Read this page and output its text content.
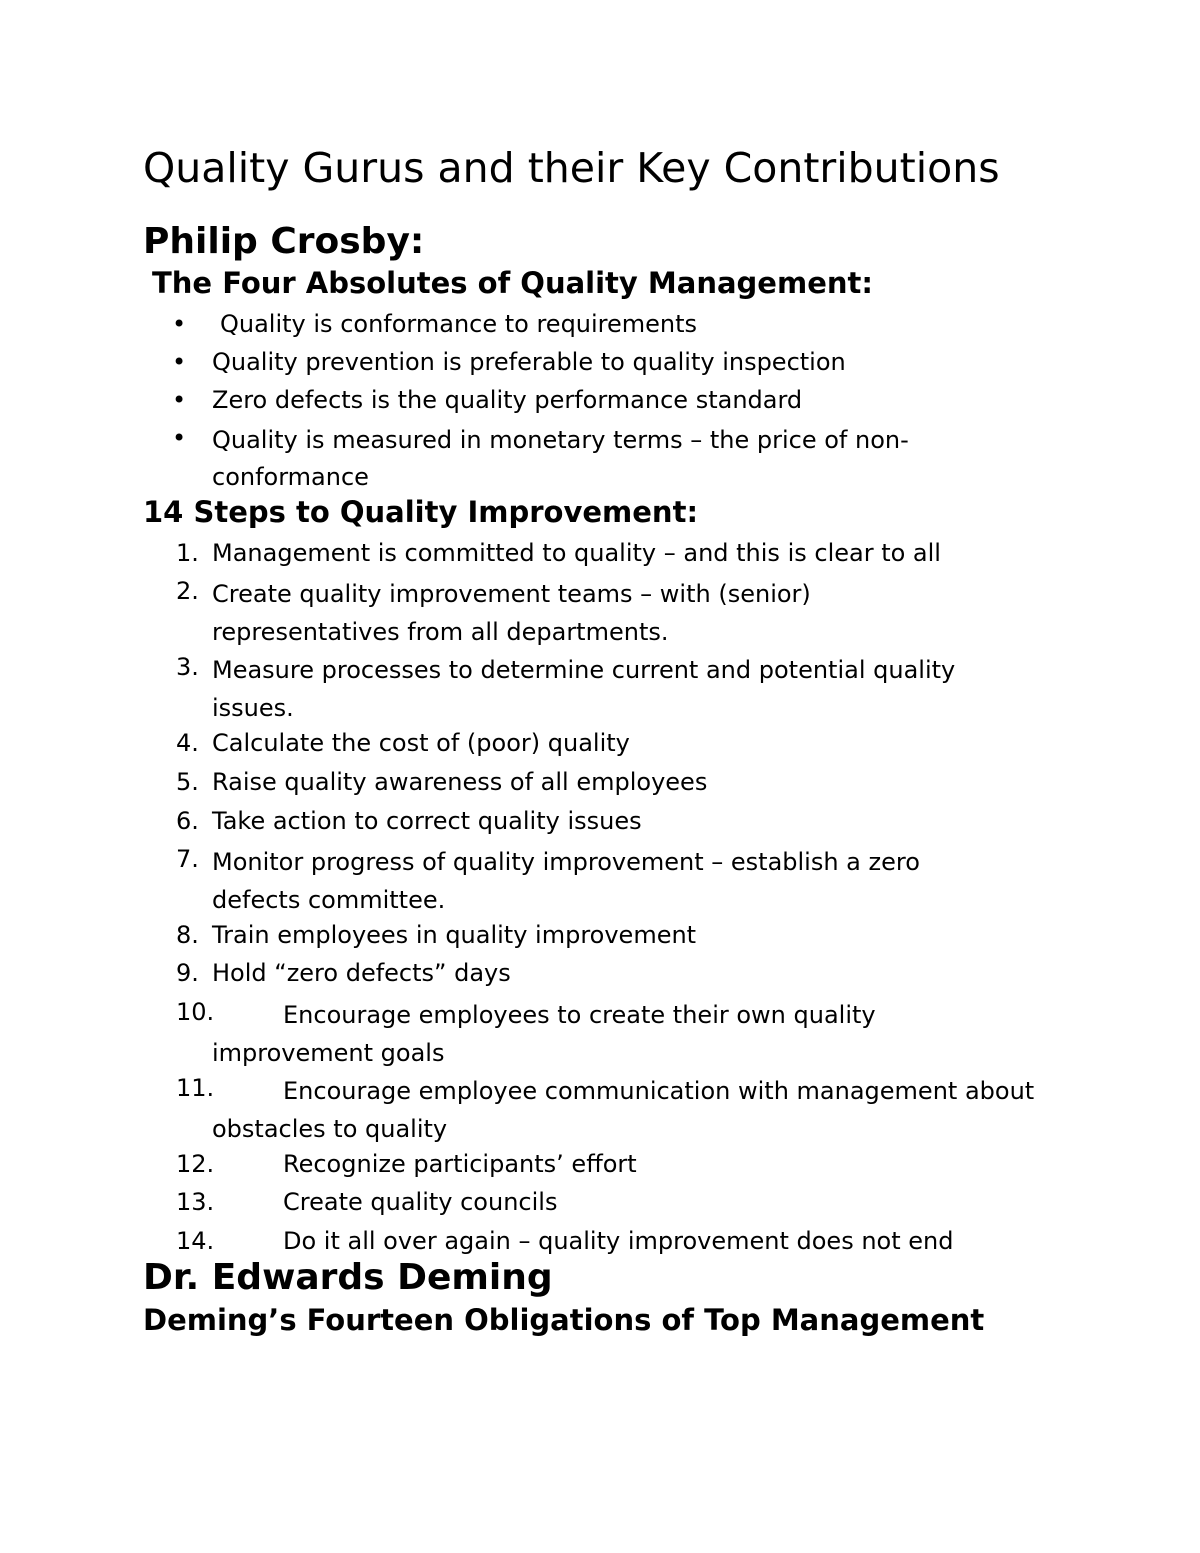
Quality Gurus and their Key Contributions
Philip Crosby:
The Four Absolutes of Quality Management:
• Quality is conformance to requirements
• Quality prevention is preferable to quality inspection
• Zero defects is the quality performance standard
• Quality is measured in monetary terms – the price of non-conformance
14 Steps to Quality Improvement:
1. Management is committed to quality – and this is clear to all
2. Create quality improvement teams – with (senior) representatives from all departments.
3. Measure processes to determine current and potential quality issues.
4. Calculate the cost of (poor) quality
5. Raise quality awareness of all employees
6. Take action to correct quality issues
7. Monitor progress of quality improvement – establish a zero defects committee.
8. Train employees in quality improvement
9. Hold “zero defects” days
10.	Encourage employees to create their own quality improvement goals
11.	Encourage employee communication with management about obstacles to quality
12.	Recognize participants’ effort
13.	Create quality councils
14.	Do it all over again – quality improvement does not end
Dr. Edwards Deming
Deming’s Fourteen Obligations of Top Management
